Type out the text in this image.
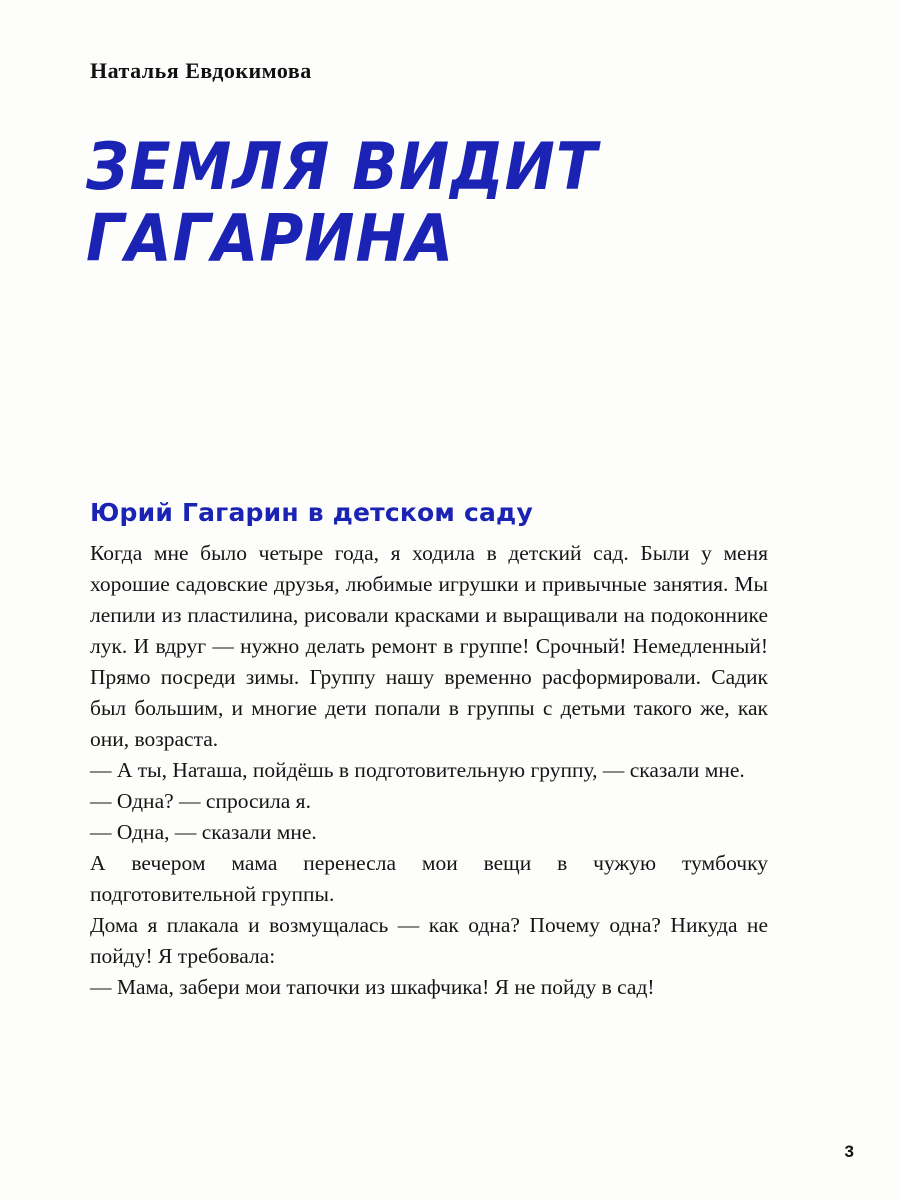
Наталья Евдокимова
ЗЕМЛЯ ВИДИТ
ГАГАРИНА
Юрий Гагарин в детском саду

Когда мне было четыре года, я ходила в детский сад. Были у меня хорошие садовские друзья, любимые игрушки и привычные занятия. Мы лепили из пластилина, рисовали красками и выращивали на подоконнике лук. И вдруг — нужно делать ремонт в группе! Срочный! Немедленный! Прямо посреди зимы. Группу нашу временно расформировали. Садик был большим, и многие дети попали в группы с детьми такого же, как они, возраста.

— А ты, Наташа, пойдёшь в подготовительную группу, — сказали мне.

— Одна? — спросила я.

— Одна, — сказали мне.

А вечером мама перенесла мои вещи в чужую тумбочку подготовительной группы.

Дома я плакала и возмущалась — как одна? Почему одна? Никуда не пойду! Я требовала:

— Мама, забери мои тапочки из шкафчика! Я не пойду в сад!

3
